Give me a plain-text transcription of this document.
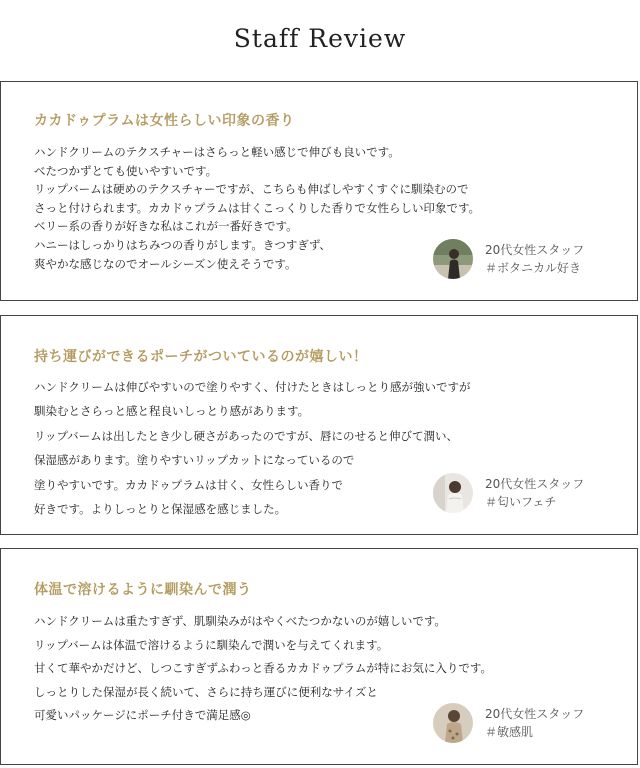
Staff Review
カカドゥプラムは女性らしい印象の香り
ハンドクリームのテクスチャーはさらっと軽い感じで伸びも良いです。
べたつかずとても使いやすいです。
リップバームは硬めのテクスチャーですが、こちらも伸ばしやすくすぐに馴染むので
さっと付けられます。カカドゥプラムは甘くこっくりした香りで女性らしい印象です。
ベリー系の香りが好きな私はこれが一番好きです。
ハニーはしっかりはちみつの香りがします。きつすぎず、
爽やかな感じなのでオールシーズン使えそうです。
20代女性スタッフ
＃ボタニカル好き
持ち運びができるポーチがついているのが嬉しい！
ハンドクリームは伸びやすいので塗りやすく、付けたときはしっとり感が強いですが
馴染むとさらっと感と程良いしっとり感があります。
リップバームは出したとき少し硬さがあったのですが、唇にのせると伸びて潤い、
保湿感があります。塗りやすいリップカットになっているので
塗りやすいです。カカドゥプラムは甘く、女性らしい香りで
好きです。よりしっとりと保湿感を感じました。
20代女性スタッフ
＃匂いフェチ
体温で溶けるように馴染んで潤う
ハンドクリームは重たすぎず、肌馴染みがはやくべたつかないのが嬉しいです。
リップバームは体温で溶けるように馴染んで潤いを与えてくれます。
甘くて華やかだけど、しつこすぎずふわっと香るカカドゥプラムが特にお気に入りです。
しっとりした保湿が長く続いて、さらに持ち運びに便利なサイズと
可愛いパッケージにポーチ付きで満足感◎	20代女性スタッフ
＃敏感肌
